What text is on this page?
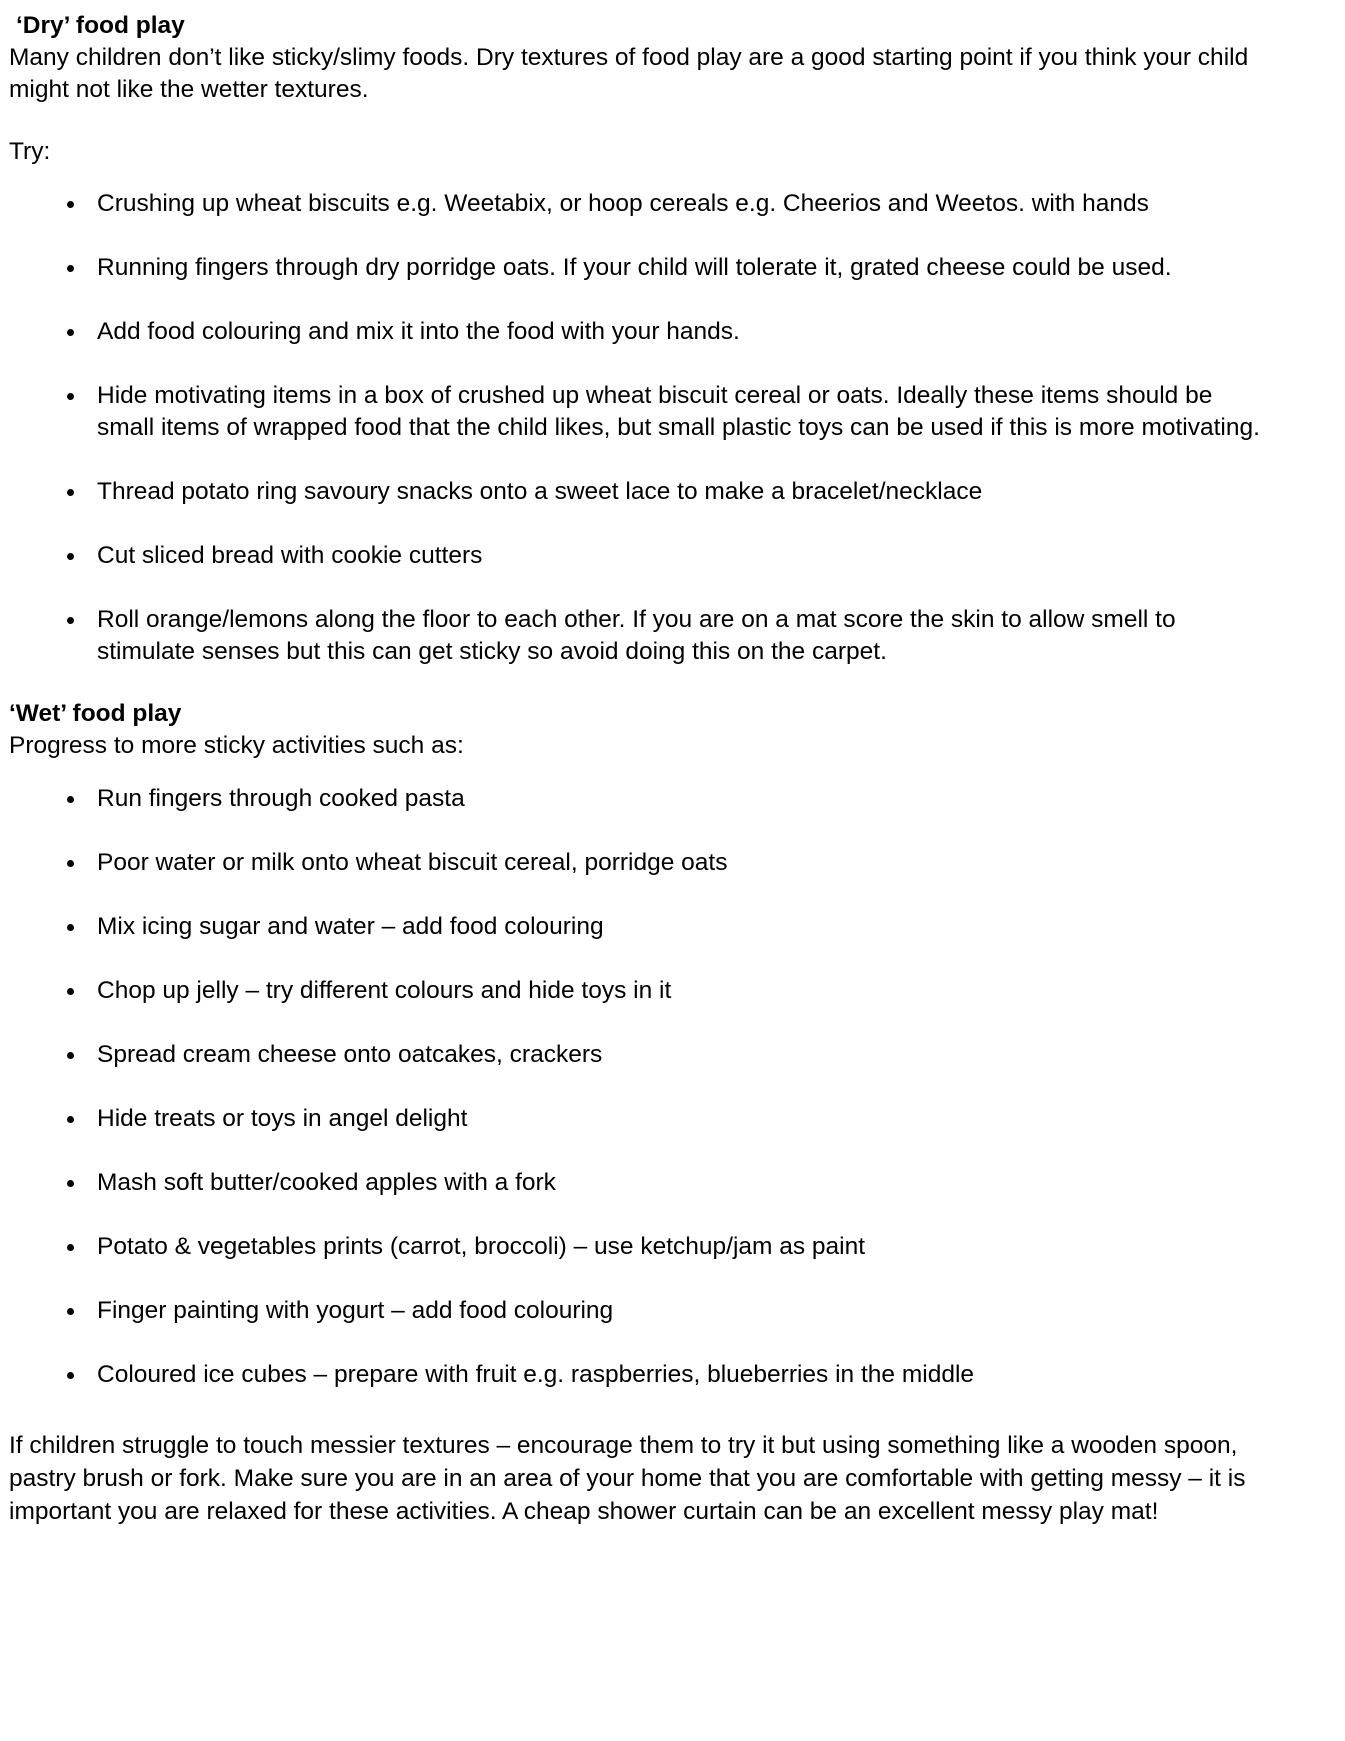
‘Dry’ food play

Many children don’t like sticky/slimy foods. Dry textures of food play are a good starting point if you think your child

might not like the wetter textures.

Try:

Crushing up wheat biscuits e.g. Weetabix, or hoop cereals e.g. Cheerios and Weetos. with hands
Running fingers through dry porridge oats. If your child will tolerate it, grated cheese could be used.
Add food colouring and mix it into the food with your hands.
Hide motivating items in a box of crushed up wheat biscuit cereal or oats. Ideally these items should be
small items of wrapped food that the child likes, but small plastic toys can be used if this is more motivating.
Thread potato ring savoury snacks onto a sweet lace to make a bracelet/necklace
Cut sliced bread with cookie cutters
Roll orange/lemons along the floor to each other. If you are on a mat score the skin to allow smell to
stimulate senses but this can get sticky so avoid doing this on the carpet.

‘Wet’ food play

Progress to more sticky activities such as:

Run fingers through cooked pasta
Poor water or milk onto wheat biscuit cereal, porridge oats
Mix icing sugar and water – add food colouring
Chop up jelly – try different colours and hide toys in it
Spread cream cheese onto oatcakes, crackers
Hide treats or toys in angel delight
Mash soft butter/cooked apples with a fork
Potato & vegetables prints (carrot, broccoli) – use ketchup/jam as paint
Finger painting with yogurt – add food colouring
Coloured ice cubes – prepare with fruit e.g. raspberries, blueberries in the middle
If children struggle to touch messier textures – encourage them to try it but using something like a wooden spoon,
pastry brush or fork. Make sure you are in an area of your home that you are comfortable with getting messy – it is
important you are relaxed for these activities. A cheap shower curtain can be an excellent messy play mat!
